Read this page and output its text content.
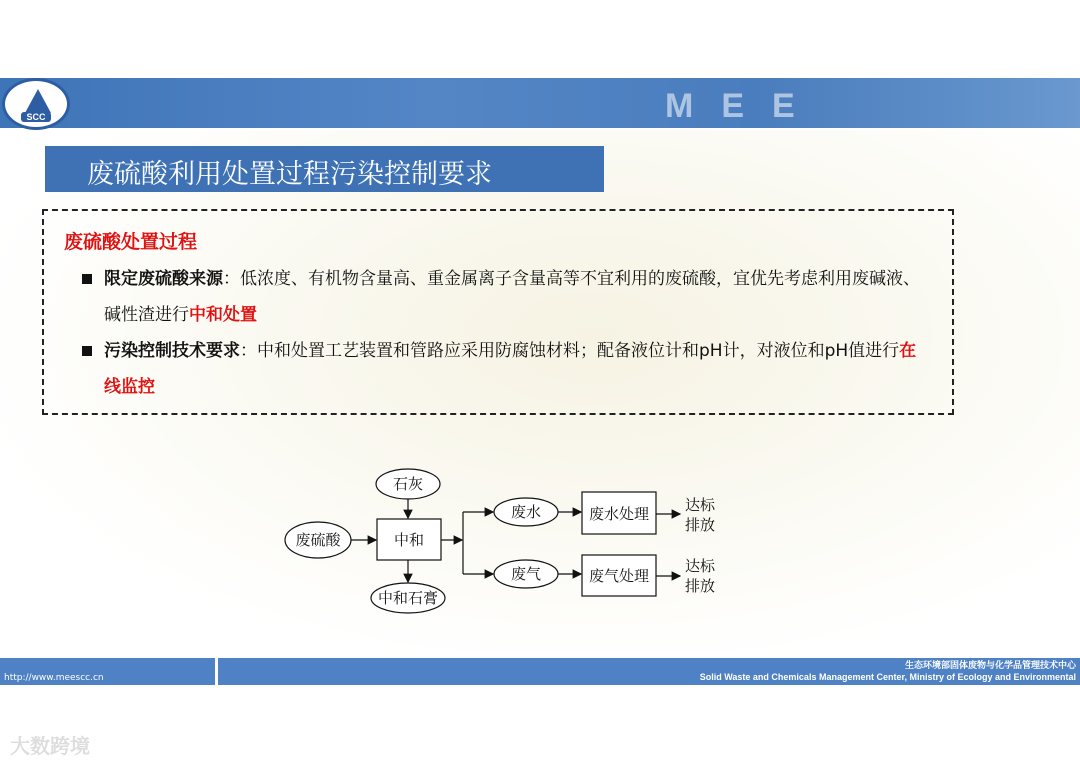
MEE
SCC
废硫酸利用处置过程污染控制要求
废硫酸处置过程
限定废硫酸来源：低浓度、有机物含量高、重金属离子含量高等不宜利用的废硫酸，宜优先考虑利用废碱液、碱性渣进行中和处置
污染控制技术要求：中和处置工艺装置和管路应采用防腐蚀材料；配备液位计和pH计，对液位和pH值进行在线监控
石灰
中和
废硫酸
中和石膏
废水	废水处理
废气	废气处理
达标
排放
达标
排放
http://www.meescc.cn
生态环境部固体废物与化学品管理技术中心
Solid Waste and Chemicals Management Center, Ministry of Ecology and Environmental
大数跨境
